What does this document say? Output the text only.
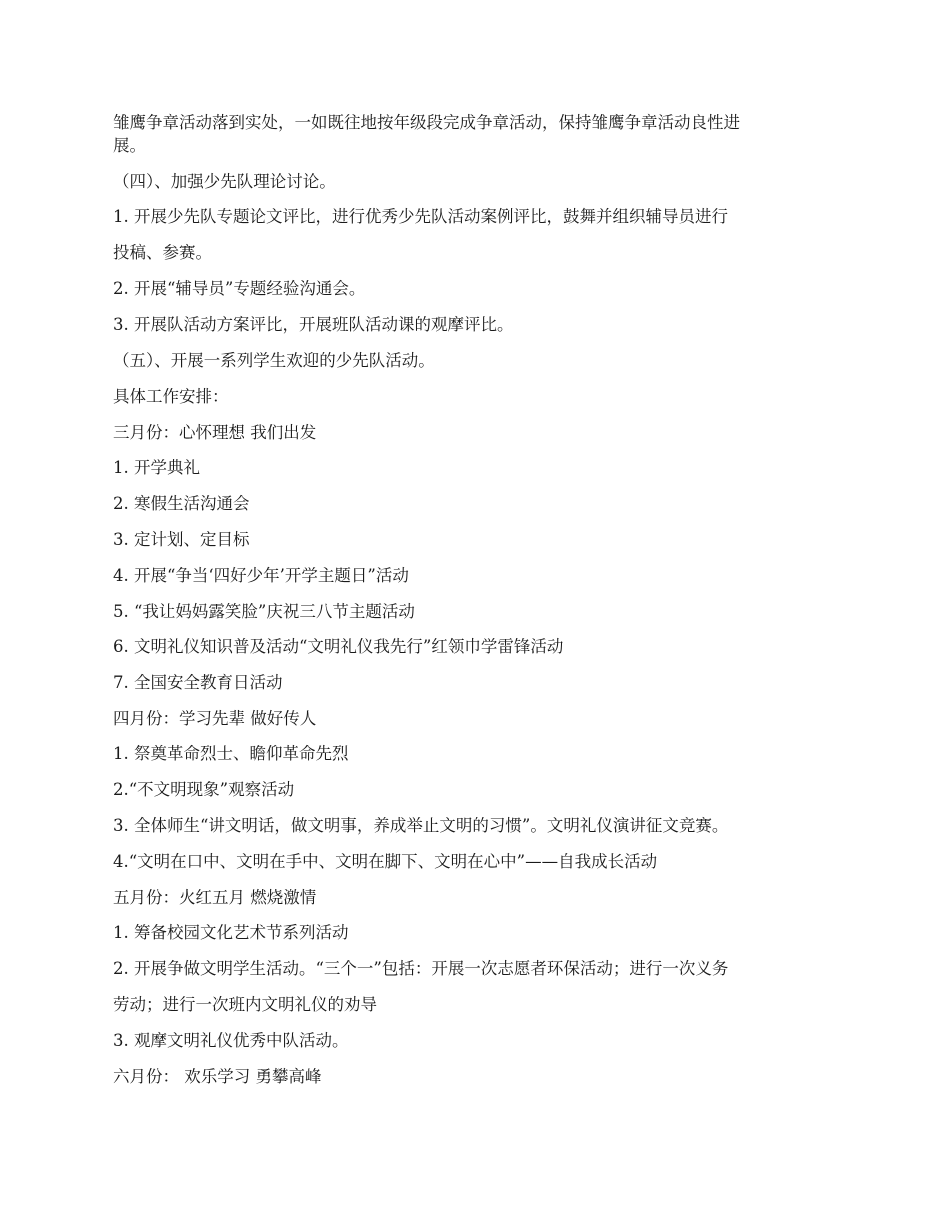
雏鹰争章活动落到实处，一如既往地按年级段完成争章活动，保持雏鹰争章活动良性进
展。
（四）、加强少先队理论讨论。
1. 开展少先队专题论文评比，进行优秀少先队活动案例评比，鼓舞并组织辅导员进行
投稿、参赛。
2. 开展“辅导员”专题经验沟通会。
3. 开展队活动方案评比，开展班队活动课的观摩评比。
（五）、开展一系列学生欢迎的少先队活动。
具体工作安排：
三月份：心怀理想 我们出发
1. 开学典礼
2. 寒假生活沟通会
3. 定计划、定目标
4. 开展“争当‘四好少年’开学主题日”活动
5. “我让妈妈露笑脸”庆祝三八节主题活动
6. 文明礼仪知识普及活动“文明礼仪我先行”红领巾学雷锋活动
7. 全国安全教育日活动
四月份：学习先辈 做好传人
1. 祭奠革命烈士、瞻仰革命先烈
2.“不文明现象”观察活动
3. 全体师生“讲文明话，做文明事，养成举止文明的习惯”。文明礼仪演讲征文竞赛。
4.“文明在口中、文明在手中、文明在脚下、文明在心中”——自我成长活动
五月份：火红五月 燃烧激情
1. 筹备校园文化艺术节系列活动
2. 开展争做文明学生活动。“三个一”包括：开展一次志愿者环保活动；进行一次义务
劳动；进行一次班内文明礼仪的劝导
3. 观摩文明礼仪优秀中队活动。
六月份： 欢乐学习 勇攀高峰
